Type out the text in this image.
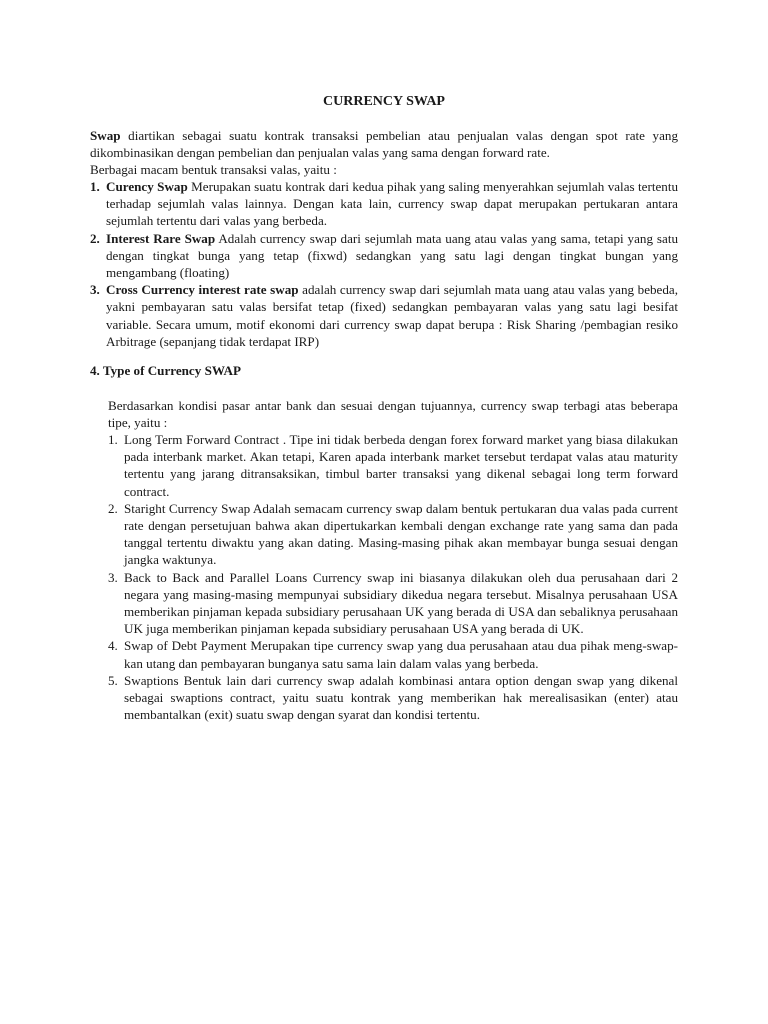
CURRENCY SWAP

Swap diartikan sebagai suatu kontrak transaksi pembelian atau penjualan valas dengan spot rate yang dikombinasikan dengan pembelian dan penjualan valas yang sama dengan forward rate.

Berbagai macam bentuk transaksi valas, yaitu :

1. Curency Swap Merupakan suatu kontrak dari kedua pihak yang saling menyerahkan sejumlah valas tertentu terhadap sejumlah valas lainnya. Dengan kata lain, currency swap dapat merupakan pertukaran antara sejumlah tertentu dari valas yang berbeda.
2. Interest Rare Swap Adalah currency swap dari sejumlah mata uang atau valas yang sama, tetapi yang satu dengan tingkat bunga yang tetap (fixwd) sedangkan yang satu lagi dengan tingkat bungan yang mengambang (floating)
3. Cross Currency interest rate swap adalah currency swap dari sejumlah mata uang atau valas yang bebeda, yakni pembayaran satu valas bersifat tetap (fixed) sedangkan pembayaran valas yang satu lagi besifat variable. Secara umum, motif ekonomi dari currency swap dapat berupa : Risk Sharing /pembagian resiko Arbitrage (sepanjang tidak terdapat IRP)
4. Type of Currency SWAP
Berdasarkan kondisi pasar antar bank dan sesuai dengan tujuannya, currency swap terbagi atas beberapa tipe, yaitu :
1. Long Term Forward Contract . Tipe ini tidak berbeda dengan forex forward market yang biasa dilakukan pada interbank market. Akan tetapi, Karen apada interbank market tersebut terdapat valas atau maturity tertentu yang jarang ditransaksikan, timbul barter transaksi yang dikenal sebagai long term forward contract.
2. Staright Currency Swap Adalah semacam currency swap dalam bentuk pertukaran dua valas pada current rate dengan persetujuan bahwa akan dipertukarkan kembali dengan exchange rate yang sama dan pada tanggal tertentu diwaktu yang akan dating. Masing-masing pihak akan membayar bunga sesuai dengan jangka waktunya.
3. Back to Back and Parallel Loans Currency swap ini biasanya dilakukan oleh dua perusahaan dari 2 negara yang masing-masing mempunyai subsidiary dikedua negara tersebut. Misalnya perusahaan USA memberikan pinjaman kepada subsidiary perusahaan UK yang berada di USA dan sebaliknya perusahaan UK juga memberikan pinjaman kepada subsidiary perusahaan USA yang berada di UK.
4. Swap of Debt Payment Merupakan tipe currency swap yang dua perusahaan atau dua pihak meng-swap-kan utang dan pembayaran bunganya satu sama lain dalam valas yang berbeda.
5. Swaptions Bentuk lain dari currency swap adalah kombinasi antara option dengan swap yang dikenal sebagai swaptions contract, yaitu suatu kontrak yang memberikan hak merealisasikan (enter) atau membantalkan (exit) suatu swap dengan syarat dan kondisi tertentu.
